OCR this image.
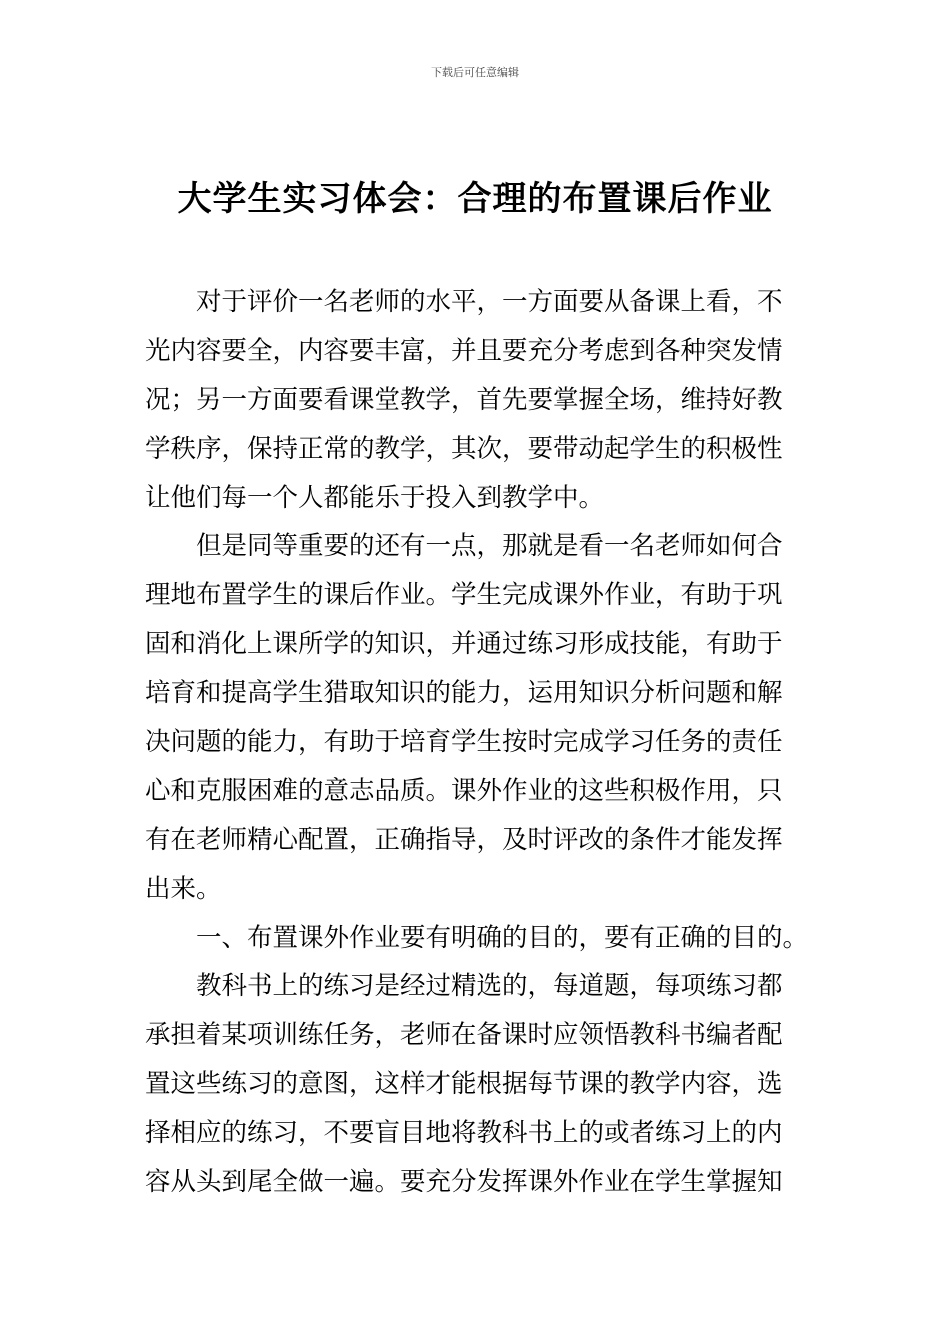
下载后可任意编辑
大学生实习体会：合理的布置课后作业
对于评价一名老师的水平，一方面要从备课上看，不
光内容要全，内容要丰富，并且要充分考虑到各种突发情
况；另一方面要看课堂教学，首先要掌握全场，维持好教
学秩序，保持正常的教学，其次，要带动起学生的积极性
让他们每一个人都能乐于投入到教学中。
但是同等重要的还有一点，那就是看一名老师如何合
理地布置学生的课后作业。学生完成课外作业，有助于巩
固和消化上课所学的知识，并通过练习形成技能，有助于
培育和提高学生猎取知识的能力，运用知识分析问题和解
决问题的能力，有助于培育学生按时完成学习任务的责任
心和克服困难的意志品质。课外作业的这些积极作用，只
有在老师精心配置，正确指导，及时评改的条件才能发挥
出来。
一、布置课外作业要有明确的目的，要有正确的目的。
教科书上的练习是经过精选的，每道题，每项练习都
承担着某项训练任务，老师在备课时应领悟教科书编者配
置这些练习的意图，这样才能根据每节课的教学内容，选
择相应的练习，不要盲目地将教科书上的或者练习上的内
容从头到尾全做一遍。要充分发挥课外作业在学生掌握知
